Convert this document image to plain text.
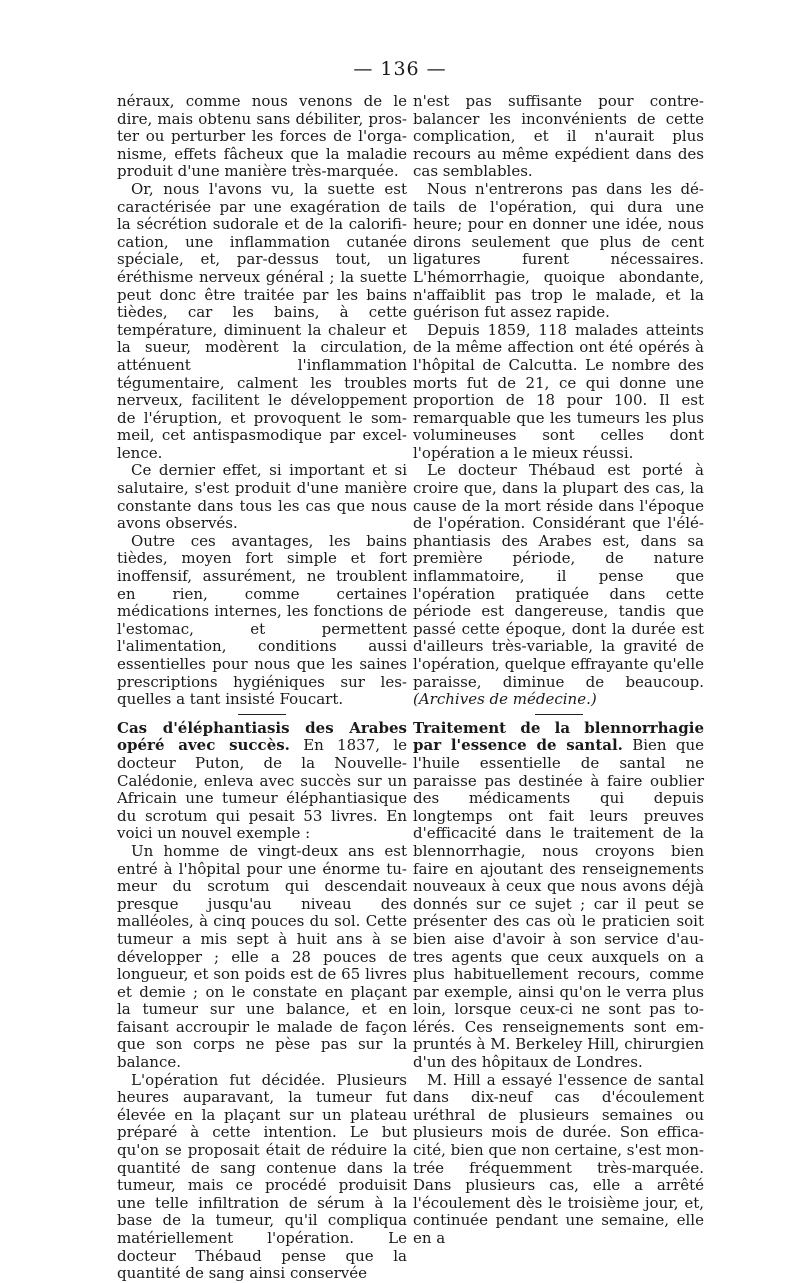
— 136 —

néraux, comme nous venons de le dire, mais obtenu sans débiliter, proster ou perturber les forces de l'organisme, effets fâcheux que la maladie produit d'une manière très-marquée.

Or, nous l'avons vu, la suette est caractérisée par une exagération de la sécrétion sudorale et de la calorification, une inflammation cutanée spéciale, et, par-dessus tout, un éréthisme nerveux général ; la suette peut donc être traitée par les bains tièdes, car les bains, à cette température, diminuent la chaleur et la sueur, modèrent la circulation, atténuent l'inflammation tégumentaire, calment les troubles nerveux, facilitent le développement de l'éruption, et provoquent le sommeil, cet antispasmodique par excellence.

Ce dernier effet, si important et si salutaire, s'est produit d'une manière constante dans tous les cas que nous avons observés.

Outre ces avantages, les bains tièdes, moyen fort simple et fort inoffensif, assurément, ne troublent en rien, comme certaines médications internes, les fonctions de l'estomac, et permettent l'alimentation, conditions aussi essentielles pour nous que les saines prescriptions hygiéniques sur lesquelles a tant insisté Foucart.

Cas d'éléphantiasis des Arabes opéré avec succès. En 1837, le docteur Puton, de la Nouvelle-Calédonie, enleva avec succès sur un Africain une tumeur éléphantiasique du scrotum qui pesait 53 livres. En voici un nouvel exemple :

Un homme de vingt-deux ans est entré à l'hôpital pour une énorme tumeur du scrotum qui descendait presque jusqu'au niveau des malléoles, à cinq pouces du sol. Cette tumeur a mis sept à huit ans à se développer ; elle a 28 pouces de longueur, et son poids est de 65 livres et demie ; on le constate en plaçant la tumeur sur une balance, et en faisant accroupir le malade de façon que son corps ne pèse pas sur la balance.

L'opération fut décidée. Plusieurs heures auparavant, la tumeur fut élevée en la plaçant sur un plateau préparé à cette intention. Le but qu'on se proposait était de réduire la quantité de sang contenue dans la tumeur, mais ce procédé produisit une telle infiltration de sérum à la base de la tumeur, qu'il compliqua matériellement l'opération. Le docteur Thébaud pense que la quantité de sang ainsi conservée

n'est pas suffisante pour contre-balancer les inconvénients de cette complication, et il n'aurait plus recours au même expédient dans des cas semblables.

Nous n'entrerons pas dans les détails de l'opération, qui dura une heure; pour en donner une idée, nous dirons seulement que plus de cent ligatures furent nécessaires. L'hémorrhagie, quoique abondante, n'affaiblit pas trop le malade, et la guérison fut assez rapide.

Depuis 1859, 118 malades atteints de la même affection ont été opérés à l'hôpital de Calcutta. Le nombre des morts fut de 21, ce qui donne une proportion de 18 pour 100. Il est remarquable que les tumeurs les plus volumineuses sont celles dont l'opération a le mieux réussi.

Le docteur Thébaud est porté à croire que, dans la plupart des cas, la cause de la mort réside dans l'époque de l'opération. Considérant que l'éléphantiasis des Arabes est, dans sa première période, de nature inflammatoire, il pense que l'opération pratiquée dans cette période est dangereuse, tandis que passé cette époque, dont la durée est d'ailleurs très-variable, la gravité de l'opération, quelque effrayante qu'elle paraisse, diminue de beaucoup. (Archives de médecine.)

Traitement de la blennorrhagie par l'essence de santal. Bien que l'huile essentielle de santal ne paraisse pas destinée à faire oublier des médicaments qui depuis longtemps ont fait leurs preuves d'efficacité dans le traitement de la blennorrhagie, nous croyons bien faire en ajoutant des renseignements nouveaux à ceux que nous avons déjà donnés sur ce sujet ; car il peut se présenter des cas où le praticien soit bien aise d'avoir à son service d'autres agents que ceux auxquels on a plus habituellement recours, comme par exemple, ainsi qu'on le verra plus loin, lorsque ceux-ci ne sont pas tolérés. Ces renseignements sont empruntés à M. Berkeley Hill, chirurgien d'un des hôpitaux de Londres.

M. Hill a essayé l'essence de santal dans dix-neuf cas d'écoulement uréthral de plusieurs semaines ou plusieurs mois de durée. Son efficacité, bien que non certaine, s'est montrée fréquemment très-marquée. Dans plusieurs cas, elle a arrêté l'écoulement dès le troisième jour, et, continuée pendant une semaine, elle en a
